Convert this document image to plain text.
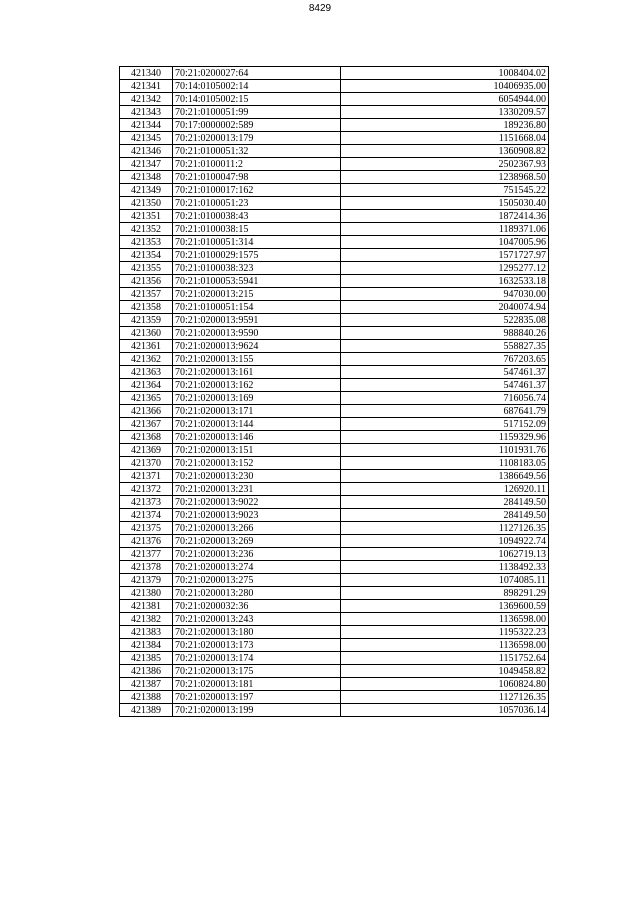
8429
421340	70:21:0200027:64	1008404.02
421341	70:14:0105002:14	10406935.00
421342	70:14:0105002:15	6054944.00
421343	70:21:0100051:99	1330209.57
421344	70:17:0000002:589	189236.80
421345	70:21:0200013:179	1151668.04
421346	70:21:0100051:32	1360908.82
421347	70:21:0100011:2	2502367.93
421348	70:21:0100047:98	1238968.50
421349	70:21:0100017:162	751545.22
421350	70:21:0100051:23	1505030.40
421351	70:21:0100038:43	1872414.36
421352	70:21:0100038:15	1189371.06
421353	70:21:0100051:314	1047005.96
421354	70:21:0100029:1575	1571727.97
421355	70:21:0100038:323	1295277.12
421356	70:21:0100053:5941	1632533.18
421357	70:21:0200013:215	947030.00
421358	70:21:0100051:154	2040074.94
421359	70:21:0200013:9591	522835.08
421360	70:21:0200013:9590	988840.26
421361	70:21:0200013:9624	558827.35
421362	70:21:0200013:155	767203.65
421363	70:21:0200013:161	547461.37
421364	70:21:0200013:162	547461.37
421365	70:21:0200013:169	716056.74
421366	70:21:0200013:171	687641.79
421367	70:21:0200013:144	517152.09
421368	70:21:0200013:146	1159329.96
421369	70:21:0200013:151	1101931.76
421370	70:21:0200013:152	1108183.05
421371	70:21:0200013:230	1386649.56
421372	70:21:0200013:231	126920.11
421373	70:21:0200013:9022	284149.50
421374	70:21:0200013:9023	284149.50
421375	70:21:0200013:266	1127126.35
421376	70:21:0200013:269	1094922.74
421377	70:21:0200013:236	1062719.13
421378	70:21:0200013:274	1138492.33
421379	70:21:0200013:275	1074085.11
421380	70:21:0200013:280	898291.29
421381	70:21:0200032:36	1369600.59
421382	70:21:0200013:243	1136598.00
421383	70:21:0200013:180	1195322.23
421384	70:21:0200013:173	1136598.00
421385	70:21:0200013:174	1151752.64
421386	70:21:0200013:175	1049458.82
421387	70:21:0200013:181	1060824.80
421388	70:21:0200013:197	1127126.35
421389	70:21:0200013:199	1057036.14
